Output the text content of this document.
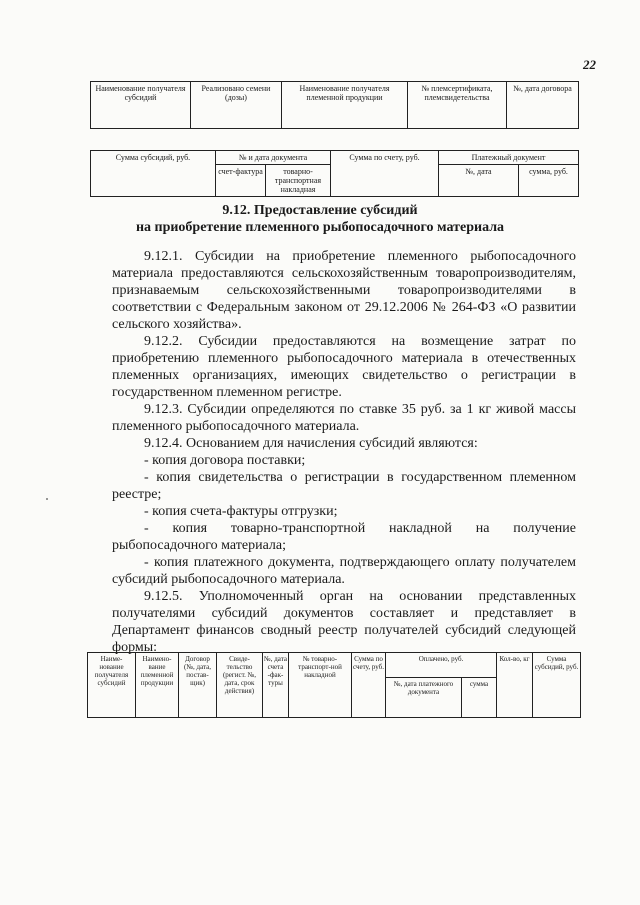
22
Наименование получателя субсидий	Реализовано семени (дозы)	Наименование получателя племенной продукции	№ племсертификата, племсвидетельства	№, дата договора
Сумма субсидий, руб.	№ и дата документа		Сумма по счету, руб.	Платежный документ	
	счет-фактура	товарно-транспортная накладная		№, дата	сумма, руб.
9.12. Предоставление субсидий
на приобретение племенного рыбопосадочного материала

9.12.1. Субсидии на приобретение племенного рыбопосадочного материала предоставляются сельскохозяйственным товаропроизводителям, признаваемым сельскохозяйственными товаропроизводителями в соответствии с Федеральным законом от 29.12.2006 № 264-ФЗ «О развитии сельского хозяйства».

9.12.2. Субсидии предоставляются на возмещение затрат по приобретению племенного рыбопосадочного материала в отечественных племенных организациях, имеющих свидетельство о регистрации в государственном племенном регистре.

9.12.3. Субсидии определяются по ставке 35 руб. за 1 кг живой массы племенного рыбопосадочного материала.

9.12.4. Основанием для начисления субсидий являются:

- копия договора поставки;

- копия свидетельства о регистрации в государственном племенном реестре;

- копия счета-фактуры отгрузки;

- копия товарно-транспортной накладной на получение рыбопосадочного материала;

- копия платежного документа, подтверждающего оплату получателем субсидий рыбопосадочного материала.

9.12.5. Уполномоченный орган на основании представленных получателями субсидий документов составляет и представляет в Департамент финансов сводный реестр получателей субсидий следующей формы:

Наиме-нование получателя субсидий	Наимено-вание племенной продукции	Договор (№, дата, постав-щик)	Свиде-тельство (регист. №, дата, срок действия)	№, дата счета -фак-туры	№ товарно-транспорт-ной накладной	Сумма по счету, руб.	Оплачено, руб.		Кол-во, кг	Сумма субсидий, руб.
							№, дата платежного документа	сумма		
